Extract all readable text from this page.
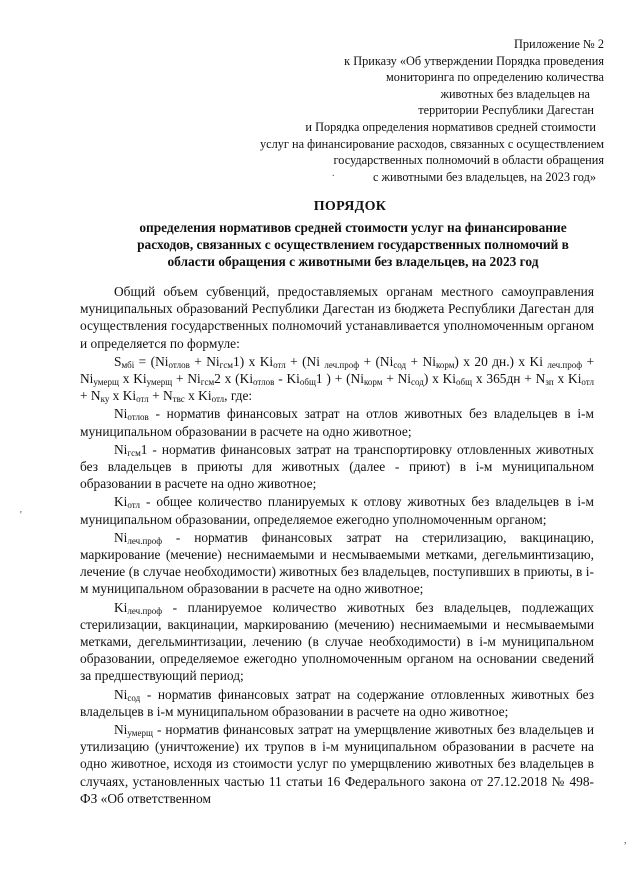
Приложение № 2
к Приказу «Об утверждении Порядка проведения
мониторинга по определению количества
животных без владельцев на
территории Республики Дагестан
и Порядка определения нормативов средней стоимости
услуг на финансирование расходов, связанных с осуществлением
государственных полномочий в области обращения
с животными без владельцев, на 2023 год»
ПОРЯДОК
определения нормативов средней стоимости услуг на финансирование
расходов, связанных с осуществлением государственных полномочий в
области обращения с животными без владельцев, на 2023 год

Общий объем субвенций, предоставляемых органам местного самоуправления муниципальных образований Республики Дагестан из бюджета Республики Дагестан для осуществления государственных полномочий устанавливается уполномоченным органом и определяется по формуле:

$S_{мбi} = (Ni_{отлов} + Ni_{гсм}1)$ x $Ki_{отл} + (Ni$ $_{леч.проф} + (Ni_{сод} + Ni_{корм})$ x 20 дн.) x Ki $_{леч.проф} + Ni_{умерщ}$ x $Ki_{умерщ} + Ni_{гсм}2$ x ($Ki_{отлов} - Ki_{общ}1$ ) + $(Ni_{корм} + Ni_{сод})$ x $Ki_{общ}$ x $365дн + N_{зп}$ x $Ki_{отл} + N_{ку}$ x $Ki_{отл} + N_{твс}$ x $Ki_{отл}$, где:

$Ni_{отлов}$ - норматив финансовых затрат на отлов животных без владельцев в i-м муниципальном образовании в расчете на одно животное;

$Ni_{гсм}1$ - норматив финансовых затрат на транспортировку отловленных животных без владельцев в приюты для животных (далее - приют) в i-м муниципальном образовании в расчете на одно животное;

$Ki_{отл}$ - общее количество планируемых к отлову животных без владельцев в i-м муниципальном образовании, определяемое ежегодно уполномоченным органом;

$Ni_{леч.проф}$ - норматив финансовых затрат на стерилизацию, вакцинацию, маркирование (мечение) неснимаемыми и несмываемыми метками, дегельминтизацию, лечение (в случае необходимости) животных без владельцев, поступивших в приюты, в i-м муниципальном образовании в расчете на одно животное;

$Ki_{леч.проф}$ - планируемое количество животных без владельцев, подлежащих стерилизации, вакцинации, маркированию (мечению) неснимаемыми и несмываемыми метками, дегельминтизации, лечению (в случае необходимости) в i-м муниципальном образовании, определяемое ежегодно уполномоченным органом на основании сведений за предшествующий период;

$Ni_{сод}$ - норматив финансовых затрат на содержание отловленных животных без владельцев в i-м муниципальном образовании в расчете на одно животное;

$Ni_{умерщ}$ - норматив финансовых затрат на умерщвление животных без владельцев и утилизацию (уничтожение) их трупов в i-м муниципальном образовании в расчете на одно животное, исходя из стоимости услуг по умерщвлению животных без владельцев в случаях, установленных частью 11 статьи 16 Федерального закона от 27.12.2018 № 498-ФЗ «Об ответственном

.
'
,
